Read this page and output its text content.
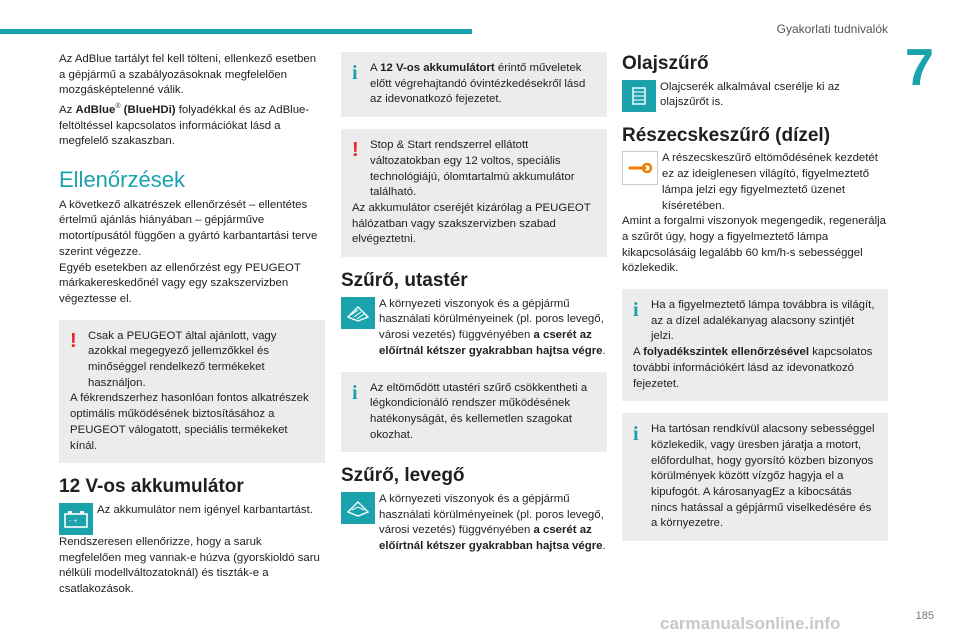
Gyakorlati tudnivalók
7

Az AdBlue tartályt fel kell tölteni, ellenkező esetben a gépjármű a szabályozásoknak megfelelően mozgásképtelenné válik.

Az AdBlue® (BlueHDi) folyadékkal és az AdBlue-feltöltéssel kapcsolatos információkat lásd a megfelelő szakaszban.

Ellenőrzések

A következő alkatrészek ellenőrzését – ellentétes értelmű ajánlás hiányában – gépjárműve motortípusától függően a gyártó karbantartási terve szerint végezze.
Egyéb esetekben az ellenőrzést egy PEUGEOT márkakereskedőnél vagy egy szakszervizben végeztesse el.

! Csak a PEUGEOT által ajánlott, vagy azokkal megegyező jellemzőkkel és minőséggel rendelkező termékeket használjon.

A fékrendszerhez hasonlóan fontos alkatrészek optimális működésének biztosításához a PEUGEOT válogatott, speciális termékeket kínál.

12 V-os akkumulátor
- +

Az akkumulátor nem igényel karbantartást.

Rendszeresen ellenőrizze, hogy a saruk megfelelően meg vannak-e húzva (gyorskioldó saru nélküli modellváltozatoknál) és tiszták-e a csatlakozások.

i	A 12 V-os akkumulátort érintő műveletek előtt végrehajtandó óvintézkedésekről lásd az idevonatkozó fejezetet.

! Stop & Start rendszerrel ellátott változatokban egy 12 voltos, speciális technológiájú, ólomtartalmú akkumulátor található.

Az akkumulátor cseréjét kizárólag a PEUGEOT hálózatban vagy szakszervizben szabad elvégeztetni.

Szűrő, utastér

A környezeti viszonyok és a gépjármű használati körülményeinek (pl. poros levegő, városi vezetés) függvényében a cserét az előírtnál kétszer gyakrabban hajtsa végre.

i	Az eltömődött utastéri szűrő csökkentheti a légkondicionáló rendszer működésének hatékonyságát, és kellemetlen szagokat okozhat.

Szűrő, levegő

A környezeti viszonyok és a gépjármű használati körülményeinek (pl. poros levegő, városi vezetés) függvényében a cserét az előírtnál kétszer gyakrabban hajtsa végre.

Olajszűrő

Olajcserék alkalmával cserélje ki az olajszűrőt is.

Részecskeszűrő (dízel)

A részecskeszűrő eltömődésének kezdetét ez az ideiglenesen világító, figyelmeztető lámpa jelzi egy figyelmeztető üzenet kíséretében.

Amint a forgalmi viszonyok megengedik, regenerálja a szűrőt úgy, hogy a figyelmeztető lámpa kikapcsolásáig legalább 60 km/h-s sebességgel közlekedik.

i	Ha a figyelmeztető lámpa továbbra is világít, az a dízel adalékanyag alacsony szintjét jelzi.

A folyadékszintek ellenőrzésével kapcsolatos további információkért lásd az idevonatkozó fejezetet.

i	Ha tartósan rendkívül alacsony sebességgel közlekedik, vagy üresben járatja a motort, előfordulhat, hogy gyorsító közben bizonyos körülmények között vízgőz hagyja el a kipufogót. A károsanyagEz a kibocsátás nincs hatással a gépjármű viselkedésére és a környezetre.

carmanualsonline.info	185
